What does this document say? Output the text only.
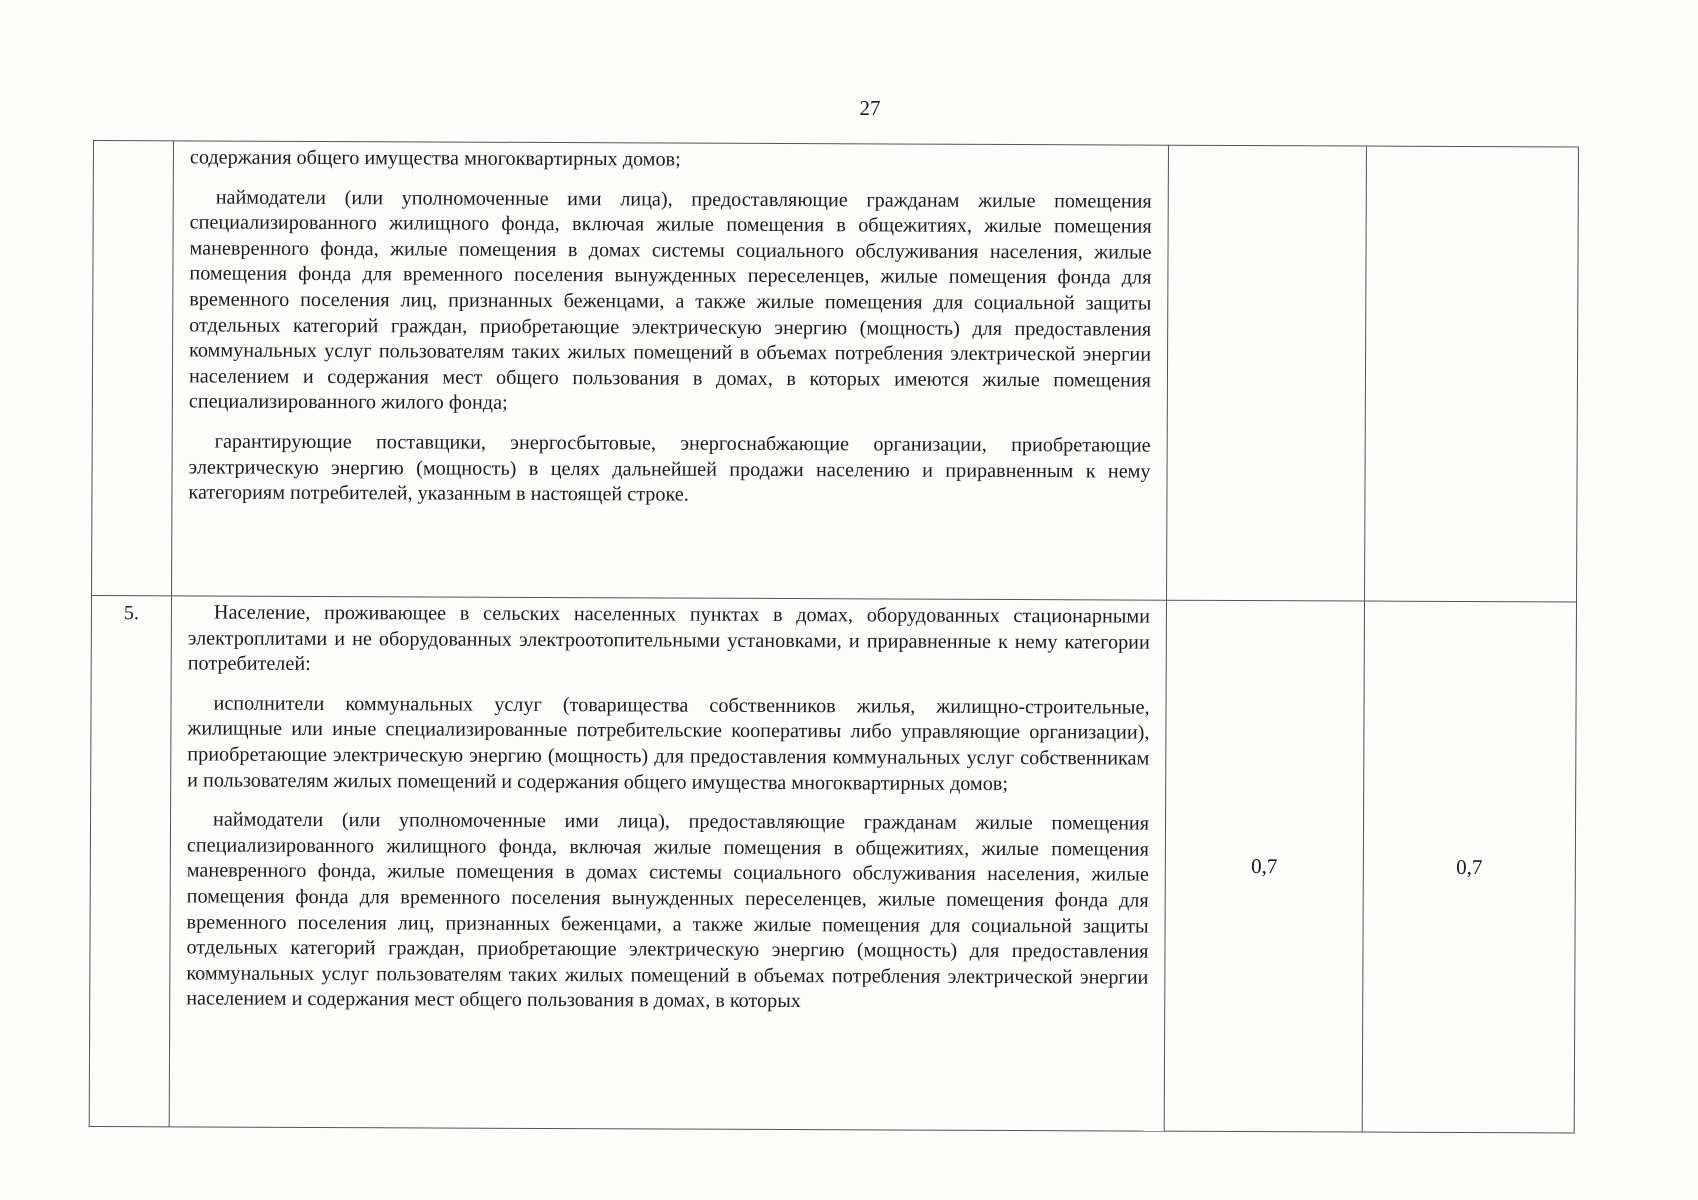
27

	содержания общего имущества многоквартирных домов;

наймодатели (или уполномоченные ими лица), предоставляющие гражданам жилые помещения специализированного жилищного фонда, включая жилые помещения в общежитиях, жилые помещения маневренного фонда, жилые помещения в домах системы социального обслуживания населения, жилые помещения фонда для временного поселения вынужденных переселенцев, жилые помещения фонда для временного поселения лиц, признанных беженцами, а также жилые помещения для социальной защиты отдельных категорий граждан, приобретающие электрическую энергию (мощность) для предоставления коммунальных услуг пользователям таких жилых помещений в объемах потребления электрической энергии населением и содержания мест общего пользования в домах, в которых имеются жилые помещения специализированного жилого фонда;

гарантирующие поставщики, энергосбытовые, энергоснабжающие организации, приобретающие электрическую энергию (мощность) в целях дальнейшей продажи населению и приравненным к нему категориям потребителей, указанным в настоящей строке.		

5.	Население, проживающее в сельских населенных пунктах в домах, оборудованных стационарными электроплитами и не оборудованных электроотопительными установками, и приравненные к нему категории потребителей:

исполнители коммунальных услуг (товарищества собственников жилья, жилищно-строительные, жилищные или иные специализированные потребительские кооперативы либо управляющие организации), приобретающие электрическую энергию (мощность) для предоставления коммунальных услуг собственникам и пользователям жилых помещений и содержания общего имущества многоквартирных домов;

наймодатели (или уполномоченные ими лица), предоставляющие гражданам жилые помещения специализированного жилищного фонда, включая жилые помещения в общежитиях, жилые помещения маневренного фонда, жилые помещения в домах системы социального обслуживания населения, жилые помещения фонда для временного поселения вынужденных переселенцев, жилые помещения фонда для временного поселения лиц, признанных беженцами, а также жилые помещения для социальной защиты отдельных категорий граждан, приобретающие электрическую энергию (мощность) для предоставления коммунальных услуг пользователям таких жилых помещений в объемах потребления электрической энергии населением и содержания мест общего пользования в домах, в которых	0,7	0,7
